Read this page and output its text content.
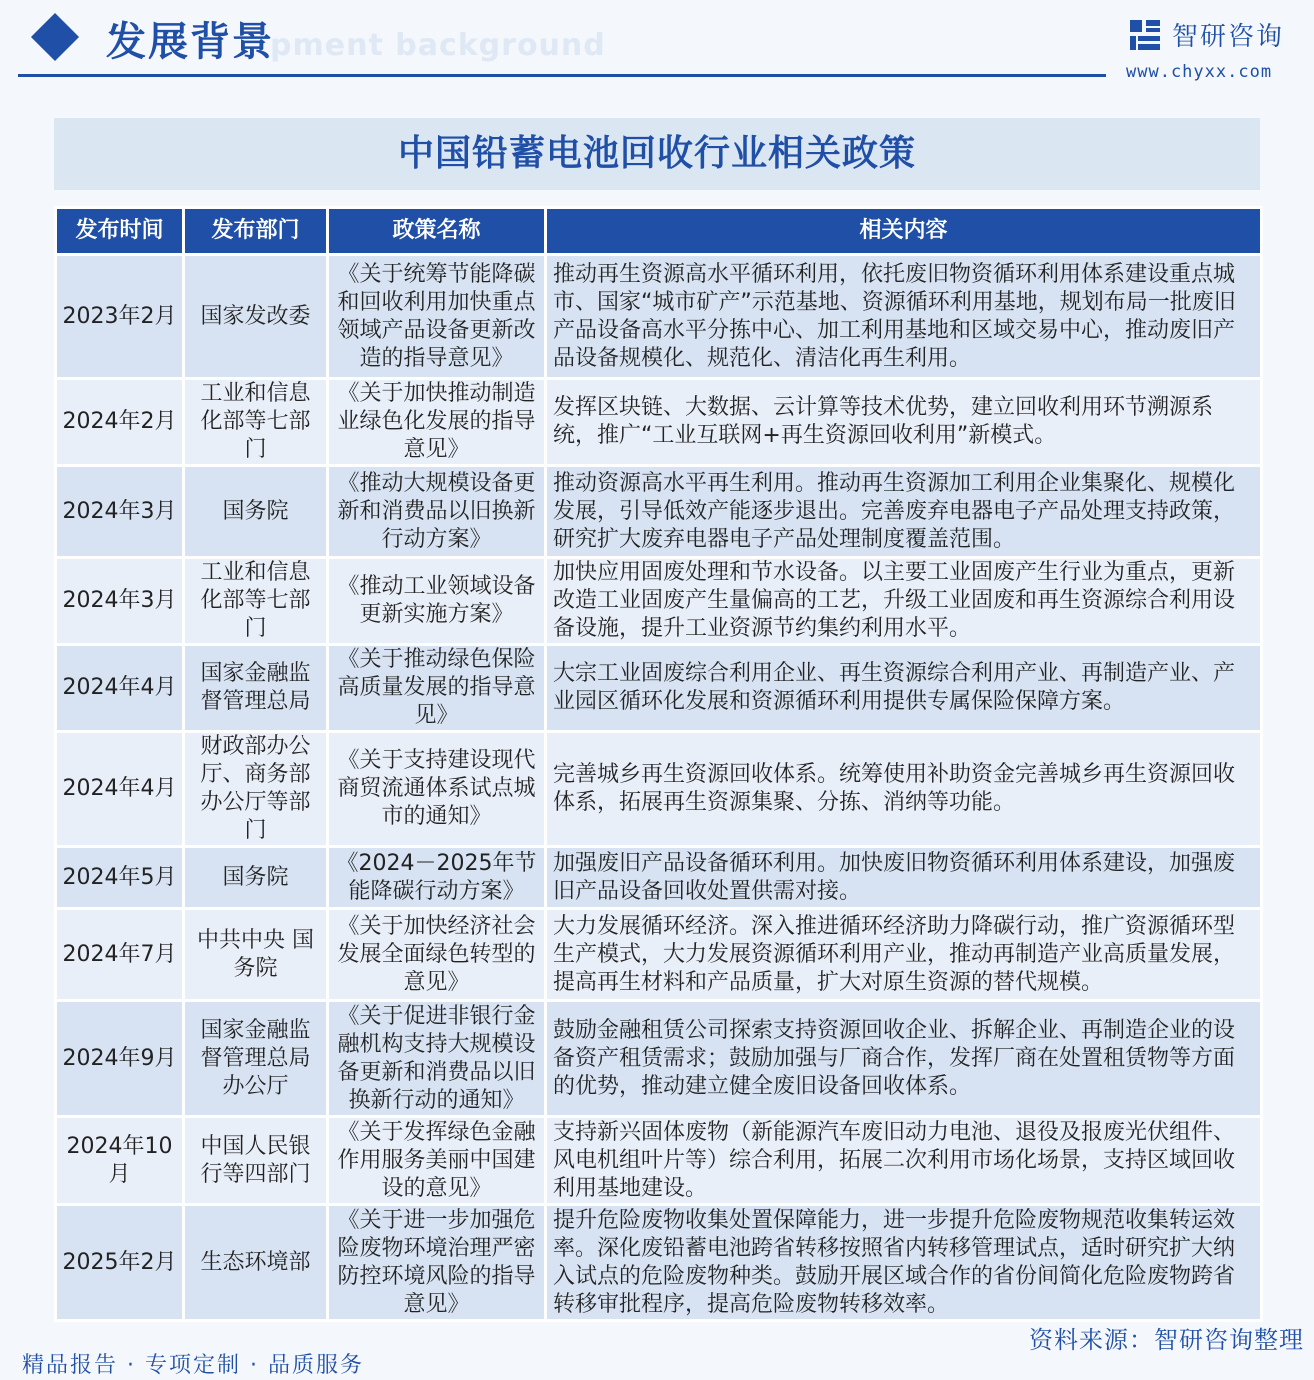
pment background
发展背景	智研咨询
www.chyxx.com
中国铅蓄电池回收行业相关政策
发布时间	发布部门	政策名称	相关内容
2023年2月	国家发改委	《关于统筹节能降碳和回收利用加快重点领域产品设备更新改造的指导意见》	推动再生资源高水平循环利用，依托废旧物资循环利用体系建设重点城市、国家“城市矿产”示范基地、资源循环利用基地，规划布局一批废旧产品设备高水平分拣中心、加工利用基地和区域交易中心，推动废旧产品设备规模化、规范化、清洁化再生利用。
2024年2月	工业和信息化部等七部门	《关于加快推动制造业绿色化发展的指导意见》	发挥区块链、大数据、云计算等技术优势，建立回收利用环节溯源系统，推广“工业互联网+再生资源回收利用”新模式。
2024年3月	国务院	《推动大规模设备更新和消费品以旧换新行动方案》	推动资源高水平再生利用。推动再生资源加工利用企业集聚化、规模化发展，引导低效产能逐步退出。完善废弃电器电子产品处理支持政策，研究扩大废弃电器电子产品处理制度覆盖范围。
2024年3月	工业和信息化部等七部门	《推动工业领域设备更新实施方案》	加快应用固废处理和节水设备。以主要工业固废产生行业为重点，更新改造工业固废产生量偏高的工艺，升级工业固废和再生资源综合利用设备设施，提升工业资源节约集约利用水平。
2024年4月	国家金融监督管理总局	《关于推动绿色保险高质量发展的指导意见》	大宗工业固废综合利用企业、再生资源综合利用产业、再制造产业、产业园区循环化发展和资源循环利用提供专属保险保障方案。
2024年4月	财政部办公厅、商务部办公厅等部门	《关于支持建设现代商贸流通体系试点城市的通知》	完善城乡再生资源回收体系。统筹使用补助资金完善城乡再生资源回收体系，拓展再生资源集聚、分拣、消纳等功能。
2024年5月	国务院	《2024－2025年节能降碳行动方案》	加强废旧产品设备循环利用。加快废旧物资循环利用体系建设，加强废旧产品设备回收处置供需对接。
2024年7月	中共中央 国务院	《关于加快经济社会发展全面绿色转型的意见》	大力发展循环经济。深入推进循环经济助力降碳行动，推广资源循环型生产模式，大力发展资源循环利用产业，推动再制造产业高质量发展，提高再生材料和产品质量，扩大对原生资源的替代规模。
2024年9月	国家金融监督管理总局办公厅	《关于促进非银行金融机构支持大规模设备更新和消费品以旧换新行动的通知》	鼓励金融租赁公司探索支持资源回收企业、拆解企业、再制造企业的设备资产租赁需求；鼓励加强与厂商合作，发挥厂商在处置租赁物等方面的优势，推动建立健全废旧设备回收体系。
2024年10月	中国人民银行等四部门	《关于发挥绿色金融作用服务美丽中国建设的意见》	支持新兴固体废物（新能源汽车废旧动力电池、退役及报废光伏组件、风电机组叶片等）综合利用，拓展二次利用市场化场景，支持区域回收利用基地建设。
2025年2月	生态环境部	《关于进一步加强危险废物环境治理严密防控环境风险的指导意见》	提升危险废物收集处置保障能力，进一步提升危险废物规范收集转运效率。深化废铅蓄电池跨省转移按照省内转移管理试点，适时研究扩大纳入试点的危险废物种类。鼓励开展区域合作的省份间简化危险废物跨省转移审批程序，提高危险废物转移效率。
资料来源：智研咨询整理
精品报告 · 专项定制 · 品质服务
